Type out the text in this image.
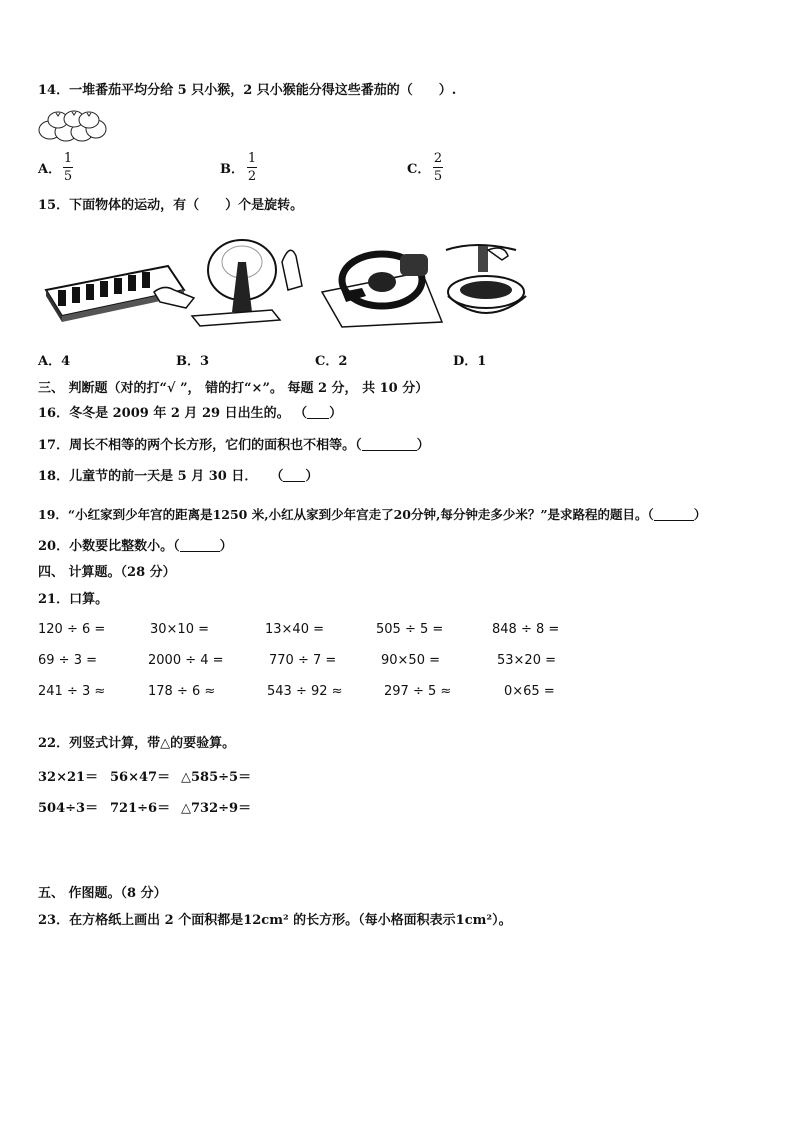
14．一堆番茄平均分给 5 只小猴，2 只小猴能分得这些番茄的（　　）.
A．
1
5	B．
1
2	C．
2
5
15．下面物体的运动，有（　　）个是旋转。
A．4	B．3	C．2	D．1
三、 判断题（对的打“√ ”， 错的打“×”。 每题 2 分， 共 10 分）
16．冬冬是 2009 年 2 月 29 日出生的。 （ ）
17．周长不相等的两个长方形，它们的面积也不相等。（	）
18．儿童节的前一天是 5 月 30 日．　　（ ）
19．“小红家到少年宫的距离是1250 米,小红从家到少年宫走了20分钟,每分钟走多少米？”是求路程的题目。（	）
20．小数要比整数小。（	）
四、 计算题。（28 分）
21．口算。
120 ÷ 6 =	30×10 =	13×40 =	505 ÷ 5 =	848 ÷ 8 =
69 ÷ 3 =	2000 ÷ 4 =	770 ÷ 7 =	90×50 =	53×20 =
241 ÷ 3 ≈	178 ÷ 6 ≈	543 ÷ 92 ≈	297 ÷ 5 ≈	0×65 =
22．列竖式计算，带△的要验算。
32×21＝ 56×47＝ △585÷5＝
504÷3＝ 721÷6＝ △732÷9＝
五、 作图题。（8 分）
23．在方格纸上画出 2 个面积都是12cm² 的长方形。（每小格面积表示1cm²）。
